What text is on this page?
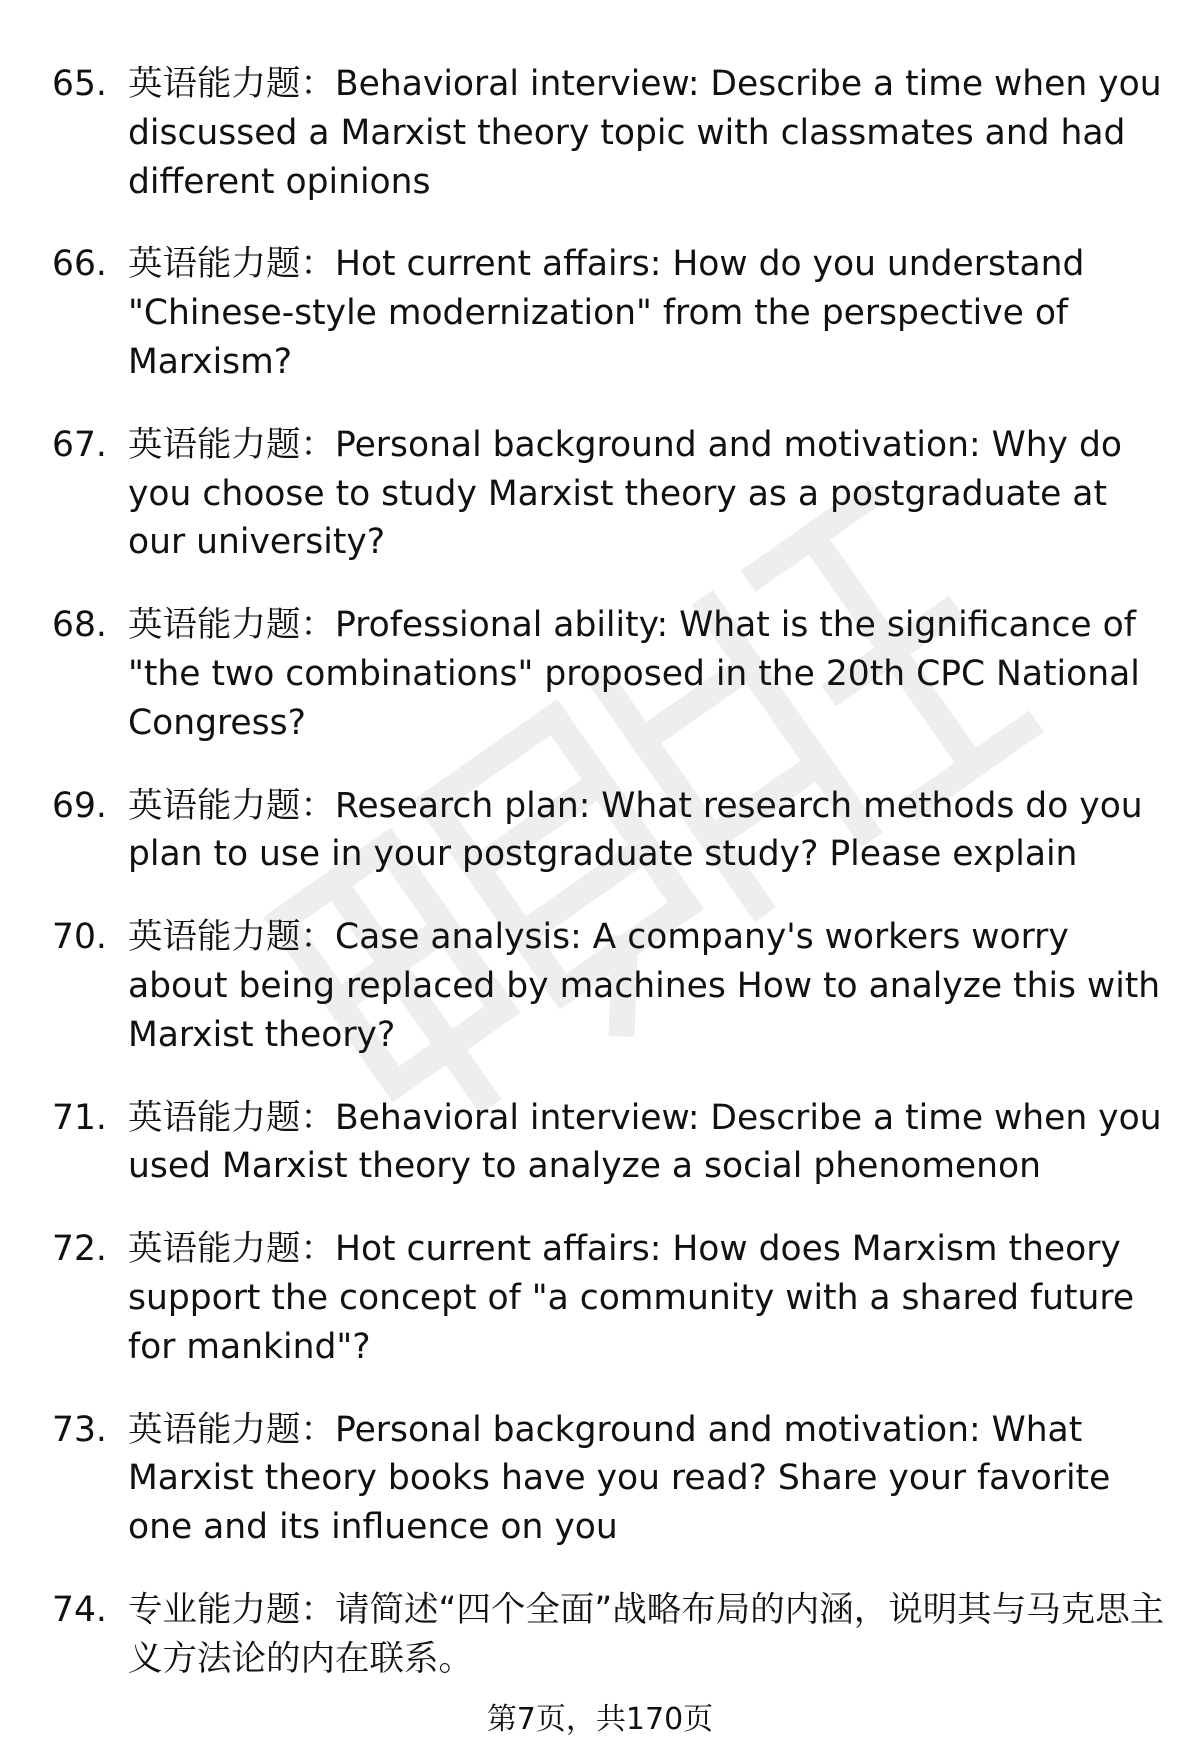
65. 英语能力题：Behavioral interview: Describe a time when you discussed a Marxist theory topic with classmates and had different opinions
66. 英语能力题：Hot current affairs: How do you understand "Chinese-style modernization" from the perspective of Marxism?
67. 英语能力题：Personal background and motivation: Why do you choose to study Marxist theory as a postgraduate at our university?
68. 英语能力题：Professional ability: What is the significance of "the two combinations" proposed in the 20th CPC National Congress?
69. 英语能力题：Research plan: What research methods do you plan to use in your postgraduate study? Please explain
70. 英语能力题：Case analysis: A company's workers worry about being replaced by machines How to analyze this with Marxist theory?
71. 英语能力题：Behavioral interview: Describe a time when you used Marxist theory to analyze a social phenomenon
72. 英语能力题：Hot current affairs: How does Marxism theory support the concept of "a community with a shared future for mankind"?
73. 英语能力题：Personal background and motivation: What Marxist theory books have you read? Share your favorite one and its influence on you
74. 专业能力题：请简述“四个全面”战略布局的内涵，说明其与马克思主义方法论的内在联系。
第7页，共170页
